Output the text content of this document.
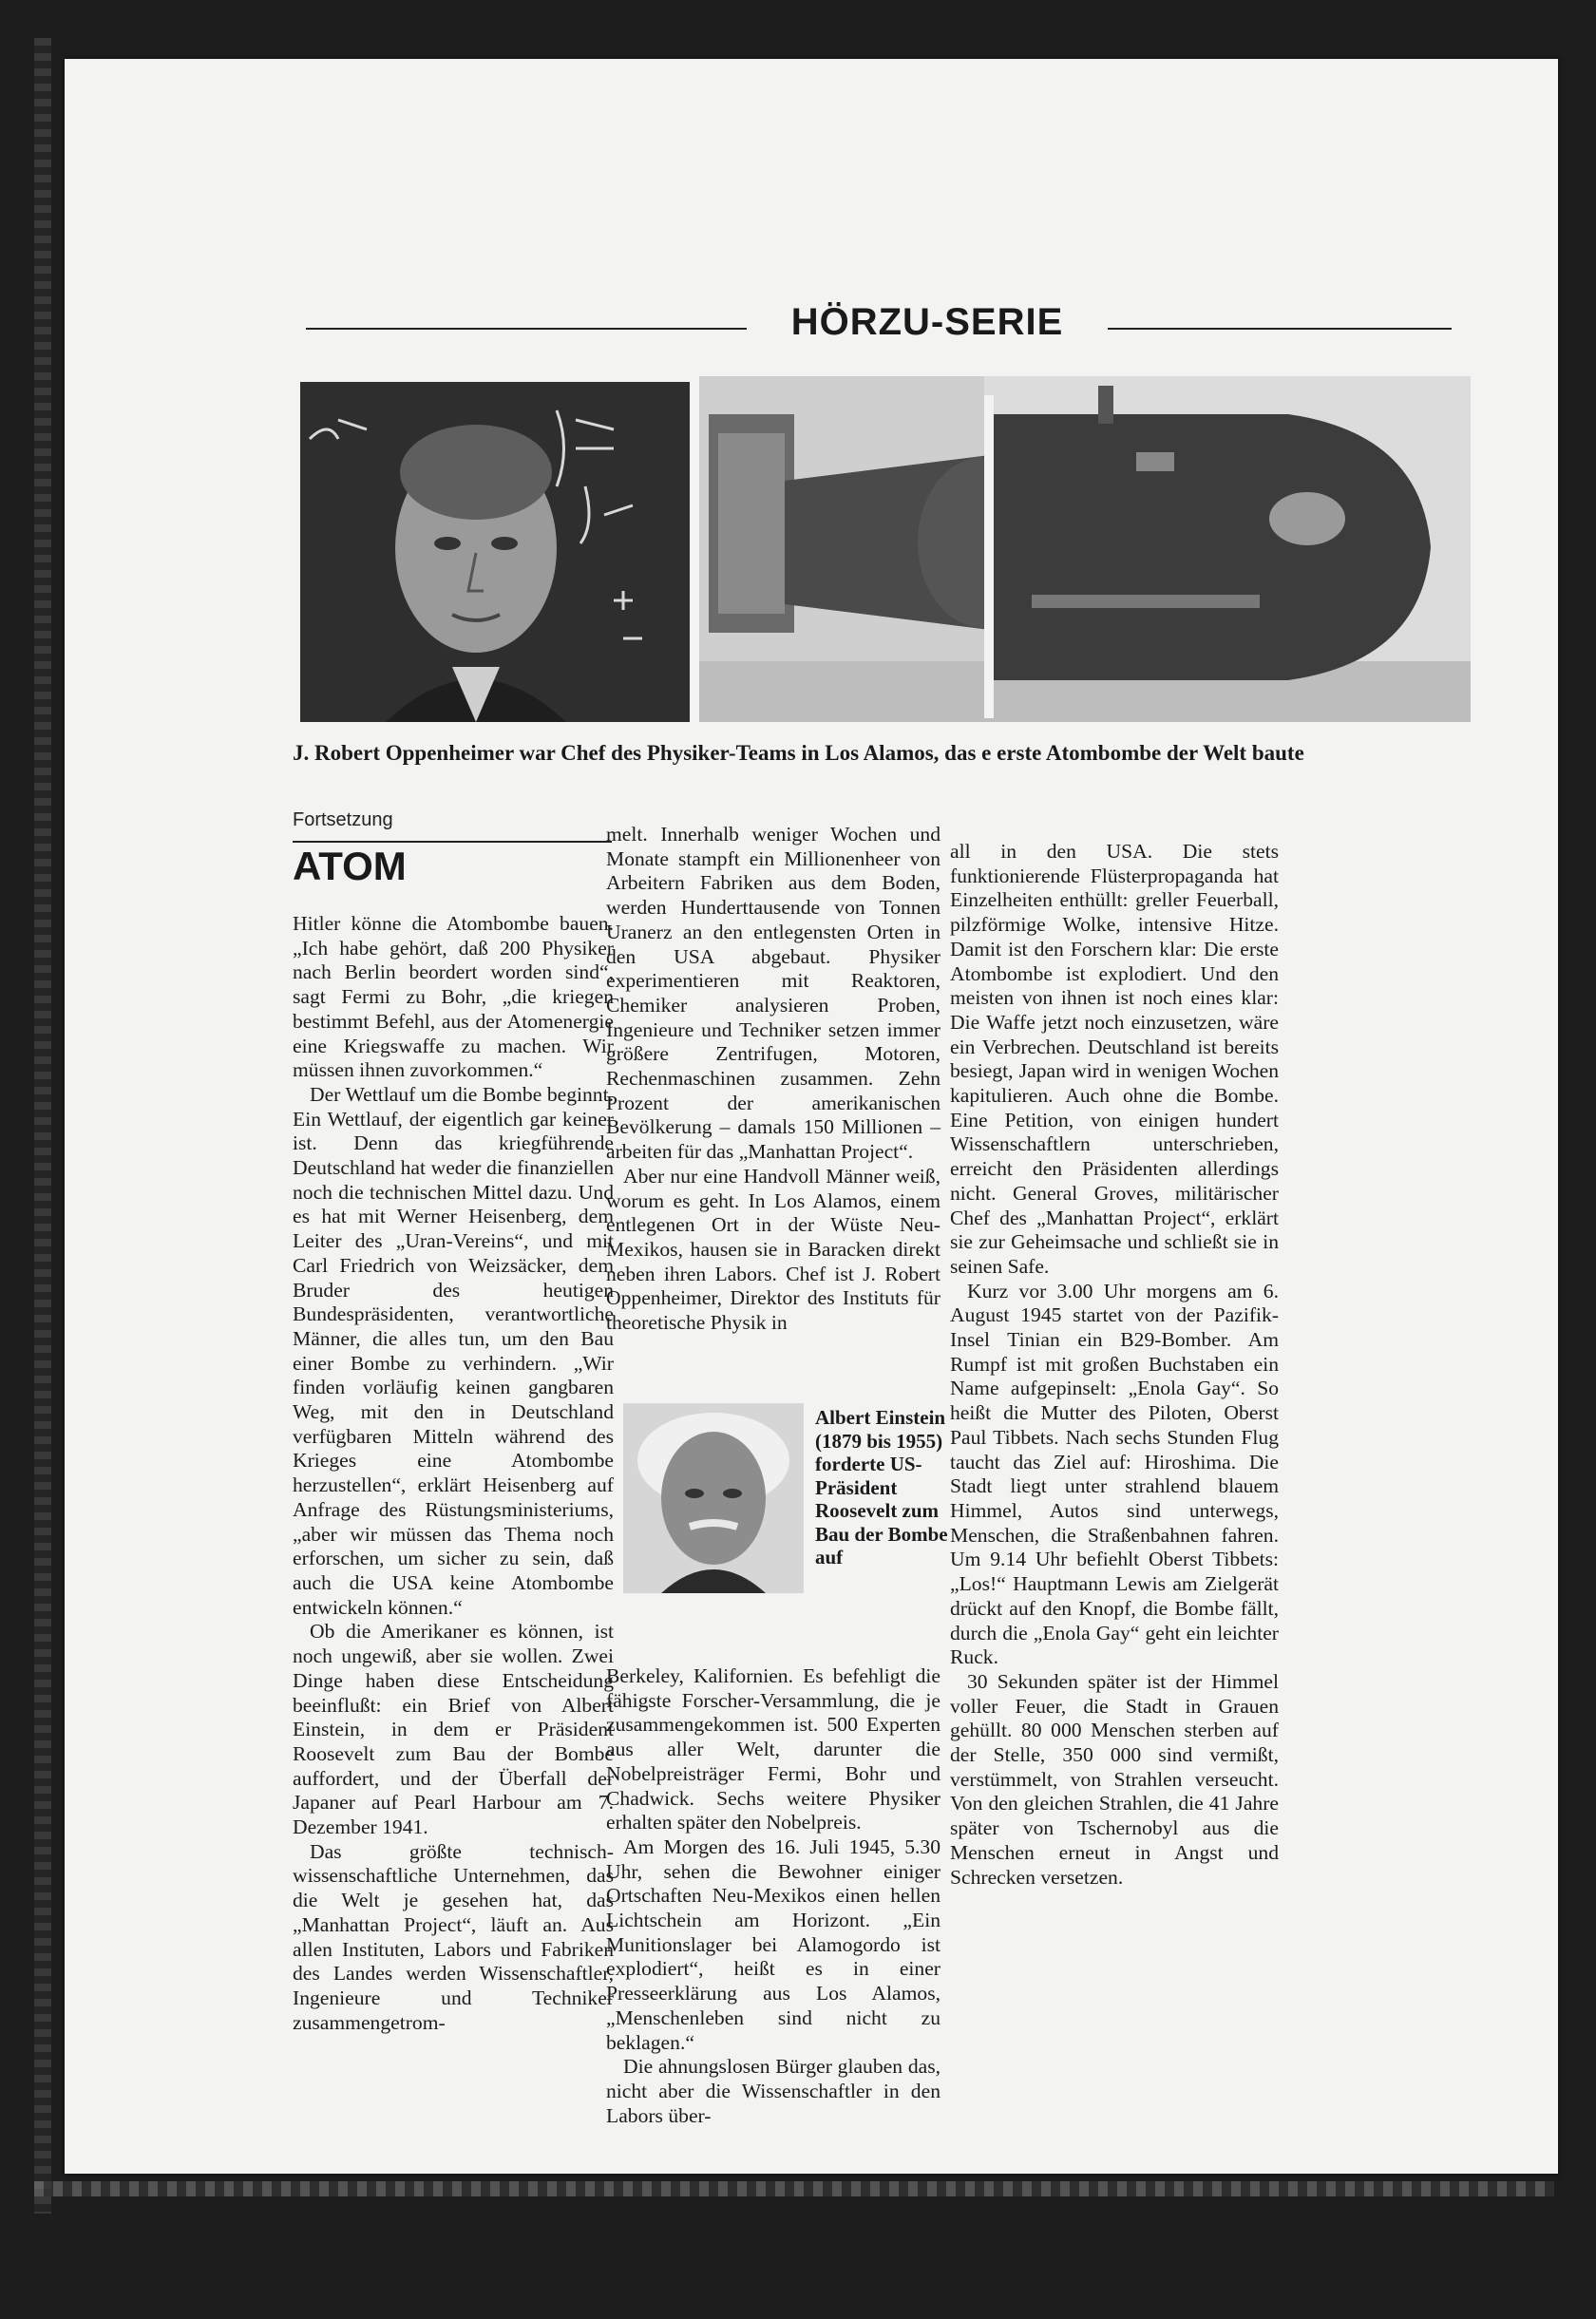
HÖRZU-SERIE
J. Robert Oppenheimer war Chef des Physiker-Teams in Los Alamos, das e erste Atombombe der Welt baute
Fortsetzung
ATOM

Hitler könne die Atombombe bauen. „Ich habe gehört, daß 200 Physiker nach Berlin beordert worden sind“, sagt Fermi zu Bohr, „die kriegen bestimmt Befehl, aus der Atomenergie eine Kriegswaffe zu machen. Wir müssen ihnen zuvorkommen.“

Der Wettlauf um die Bombe beginnt. Ein Wettlauf, der eigentlich gar keiner ist. Denn das kriegführende Deutschland hat weder die finanziellen noch die technischen Mittel dazu. Und es hat mit Werner Heisenberg, dem Leiter des „Uran-Vereins“, und mit Carl Friedrich von Weizsäcker, dem Bruder des heutigen Bundespräsidenten, verantwortliche Männer, die alles tun, um den Bau einer Bombe zu verhindern. „Wir finden vorläufig keinen gangbaren Weg, mit den in Deutschland verfügbaren Mitteln während des Krieges eine Atombombe herzustellen“, erklärt Heisenberg auf Anfrage des Rüstungsministeriums, „aber wir müssen das Thema noch erforschen, um sicher zu sein, daß auch die USA keine Atombombe entwickeln können.“

Ob die Amerikaner es können, ist noch ungewiß, aber sie wollen. Zwei Dinge haben diese Entscheidung beeinflußt: ein Brief von Albert Einstein, in dem er Präsident Roosevelt zum Bau der Bombe auffordert, und der Überfall der Japaner auf Pearl Harbour am 7. Dezember 1941.

Das größte technisch-wissenschaftliche Unternehmen, das die Welt je gesehen hat, das „Manhattan Project“, läuft an. Aus allen Instituten, Labors und Fabriken des Landes werden Wissenschaftler, Ingenieure und Techniker zusammengetrom-

melt. Innerhalb weniger Wochen und Monate stampft ein Millionenheer von Arbeitern Fabriken aus dem Boden, werden Hunderttausende von Tonnen Uranerz an den entlegensten Orten in den USA abgebaut. Physiker experimentieren mit Reaktoren, Chemiker analysieren Proben, Ingenieure und Techniker setzen immer größere Zentrifugen, Motoren, Rechenmaschinen zusammen. Zehn Prozent der amerikanischen Bevölkerung – damals 150 Millionen – arbeiten für das „Manhattan Project“.

Aber nur eine Handvoll Männer weiß, worum es geht. In Los Alamos, einem entlegenen Ort in der Wüste Neu-Mexikos, hausen sie in Baracken direkt neben ihren Labors. Chef ist J. Robert Oppenheimer, Direktor des Instituts für theoretische Physik in

Albert Einstein (1879 bis 1955) forderte US-Präsident Roosevelt zum Bau der Bombe auf

Berkeley, Kalifornien. Es befehligt die fähigste Forscher-Versammlung, die je zusammengekommen ist. 500 Experten aus aller Welt, darunter die Nobelpreisträger Fermi, Bohr und Chadwick. Sechs weitere Physiker erhalten später den Nobelpreis.

Am Morgen des 16. Juli 1945, 5.30 Uhr, sehen die Bewohner einiger Ortschaften Neu-Mexikos einen hellen Lichtschein am Horizont. „Ein Munitionslager bei Alamogordo ist explodiert“, heißt es in einer Presseerklärung aus Los Alamos, „Menschenleben sind nicht zu beklagen.“

Die ahnungslosen Bürger glauben das, nicht aber die Wissenschaftler in den Labors über-

all in den USA. Die stets funktionierende Flüsterpropaganda hat Einzelheiten enthüllt: greller Feuerball, pilzförmige Wolke, intensive Hitze. Damit ist den Forschern klar: Die erste Atombombe ist explodiert. Und den meisten von ihnen ist noch eines klar: Die Waffe jetzt noch einzusetzen, wäre ein Verbrechen. Deutschland ist bereits besiegt, Japan wird in wenigen Wochen kapitulieren. Auch ohne die Bombe. Eine Petition, von einigen hundert Wissenschaftlern unterschrieben, erreicht den Präsidenten allerdings nicht. General Groves, militärischer Chef des „Manhattan Project“, erklärt sie zur Geheimsache und schließt sie in seinen Safe.

Kurz vor 3.00 Uhr morgens am 6. August 1945 startet von der Pazifik-Insel Tinian ein B29-Bomber. Am Rumpf ist mit großen Buchstaben ein Name aufgepinselt: „Enola Gay“. So heißt die Mutter des Piloten, Oberst Paul Tibbets. Nach sechs Stunden Flug taucht das Ziel auf: Hiroshima. Die Stadt liegt unter strahlend blauem Himmel, Autos sind unterwegs, Menschen, die Straßenbahnen fahren. Um 9.14 Uhr befiehlt Oberst Tibbets: „Los!“ Hauptmann Lewis am Zielgerät drückt auf den Knopf, die Bombe fällt, durch die „Enola Gay“ geht ein leichter Ruck.

30 Sekunden später ist der Himmel voller Feuer, die Stadt in Grauen gehüllt. 80 000 Menschen sterben auf der Stelle, 350 000 sind vermißt, verstümmelt, von Strahlen verseucht. Von den gleichen Strahlen, die 41 Jahre später von Tschernobyl aus die Menschen erneut in Angst und Schrecken versetzen.
